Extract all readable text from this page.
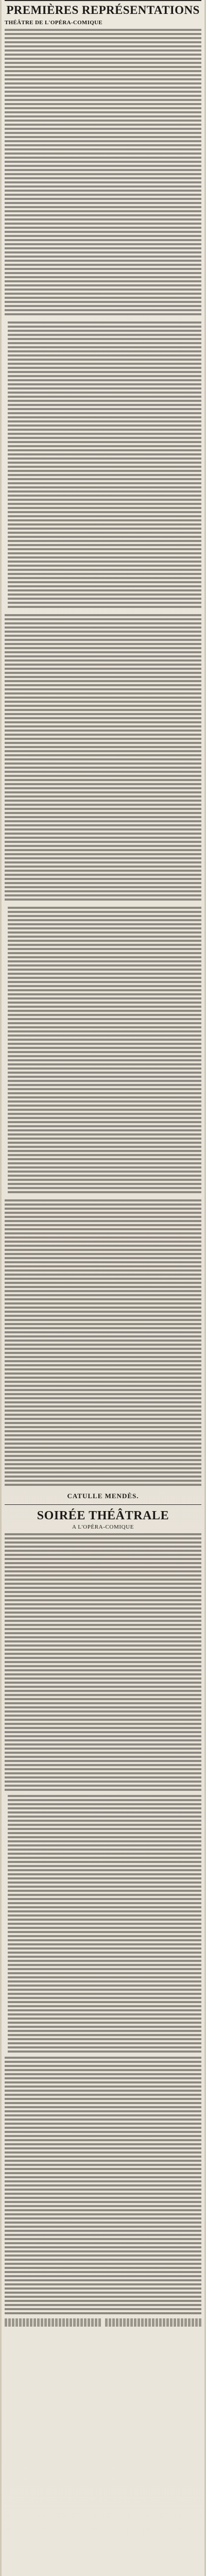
PREMIÈRES REPRÉSENTATIONS
THÉÂTRE DE L'OPÉRA-COMIQUE
CATULLE MENDÈS.
SOIRÉE THÉÂTRALE
A L'OPÉRA-COMIQUE
